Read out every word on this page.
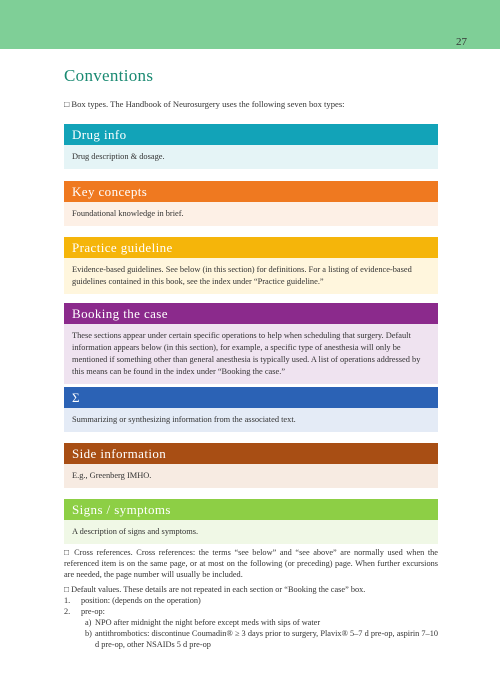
27
Conventions
□ Box types. The Handbook of Neurosurgery uses the following seven box types:
Drug info
Drug description & dosage.
Key concepts
Foundational knowledge in brief.
Practice guideline
Evidence-based guidelines. See below (in this section) for definitions. For a listing of evidence-based guidelines contained in this book, see the index under “Practice guideline.”
Booking the case
These sections appear under certain specific operations to help when scheduling that surgery. Default information appears below (in this section), for example, a specific type of anesthesia will only be mentioned if something other than general anesthesia is typically used. A list of operations addressed by this means can be found in the index under “Booking the case.”
Σ
Summarizing or synthesizing information from the associated text.
Side information
E.g., Greenberg IMHO.
Signs / symptoms
A description of signs and symptoms.

□ Cross references. Cross references: the terms “see below” and “see above” are normally used when the referenced item is on the same page, or at most on the following (or preceding) page. When further excursions are needed, the page number will usually be included.

□ Default values. These details are not repeated in each section or “Booking the case” box.

1. position: (depends on the operation)
2. pre-op:
a) NPO after midnight the night before except meds with sips of water
b) antithrombotics: discontinue Coumadin® ≥ 3 days prior to surgery, Plavix® 5–7 d pre-op, aspirin 7–10 d pre-op, other NSAIDs 5 d pre-op
